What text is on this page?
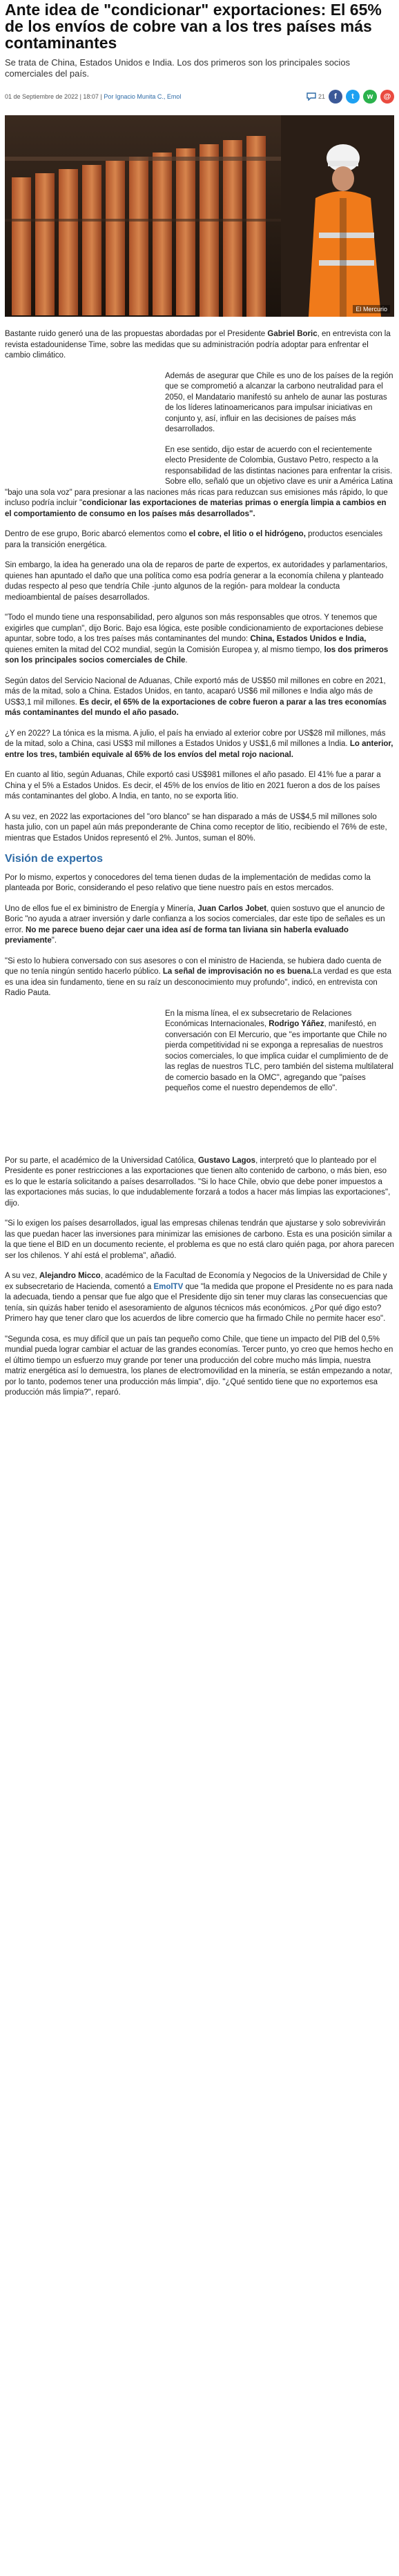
Ante idea de "condicionar" exportaciones: El 65% de los envíos de cobre van a los tres países más contaminantes

Se trata de China, Estados Unidos e India. Los dos primeros son los principales socios comerciales del país.

01 de Septiembre de 2022 | 18:07 | Por Ignacio Munita C., Emol	21	f	t	w	@
El Mercurio

Bastante ruido generó una de las propuestas abordadas por el Presidente Gabriel Boric, en entrevista con la revista estadounidense Time, sobre las medidas que su administración podría adoptar para enfrentar el cambio climático.

Además de asegurar que Chile es uno de los países de la región que se comprometió a alcanzar la carbono neutralidad para el 2050, el Mandatario manifestó su anhelo de aunar las posturas de los líderes latinoamericanos para impulsar iniciativas en conjunto y, así, influir en las decisiones de países más desarrollados.

En ese sentido, dijo estar de acuerdo con el recientemente electo Presidente de Colombia, Gustavo Petro, respecto a la responsabilidad de las distintas naciones para enfrentar la crisis. Sobre ello, señaló que un objetivo clave es unir a América Latina "bajo una sola voz" para presionar a las naciones más ricas para reduzcan sus emisiones más rápido, lo que incluso podría incluir "condicionar las exportaciones de materias primas o energía limpia a cambios en el comportamiento de consumo en los países más desarrollados".

Dentro de ese grupo, Boric abarcó elementos como el cobre, el litio o el hidrógeno, productos esenciales para la transición energética.

Sin embargo, la idea ha generado una ola de reparos de parte de expertos, ex autoridades y parlamentarios, quienes han apuntado el daño que una política como esa podría generar a la economía chilena y planteado dudas respecto al peso que tendría Chile -junto algunos de la región- para moldear la conducta medioambiental de países desarrollados.

"Todo el mundo tiene una responsabilidad, pero algunos son más responsables que otros. Y tenemos que exigirles que cumplan", dijo Boric. Bajo esa lógica, este posible condicionamiento de exportaciones debiese apuntar, sobre todo, a los tres países más contaminantes del mundo: China, Estados Unidos e India, quienes emiten la mitad del CO2 mundial, según la Comisión Europea y, al mismo tiempo, los dos primeros son los principales socios comerciales de Chile.

Según datos del Servicio Nacional de Aduanas, Chile exportó más de US$50 mil millones en cobre en 2021, más de la mitad, solo a China. Estados Unidos, en tanto, acaparó US$6 mil millones e India algo más de US$3,1 mil millones. Es decir, el 65% de la exportaciones de cobre fueron a parar a las tres economías más contaminantes del mundo el año pasado.

¿Y en 2022? La tónica es la misma. A julio, el país ha enviado al exterior cobre por US$28 mil millones, más de la mitad, solo a China, casi US$3 mil millones a Estados Unidos y US$1,6 mil millones a India. Lo anterior, entre los tres, también equivale al 65% de los envíos del metal rojo nacional.

En cuanto al litio, según Aduanas, Chile exportó casi US$981 millones el año pasado. El 41% fue a parar a China y el 5% a Estados Unidos. Es decir, el 45% de los envíos de litio en 2021 fueron a dos de los países más contaminantes del globo. A India, en tanto, no se exporta litio.

A su vez, en 2022 las exportaciones del "oro blanco" se han disparado a más de US$4,5 mil millones solo hasta julio, con un papel aún más preponderante de China como receptor de litio, recibiendo el 76% de este, mientras que Estados Unidos representó el 2%. Juntos, suman el 80%.

Visión de expertos

Por lo mismo, expertos y conocedores del tema tienen dudas de la implementación de medidas como la planteada por Boric, considerando el peso relativo que tiene nuestro país en estos mercados.

Uno de ellos fue el ex biministro de Energía y Minería, Juan Carlos Jobet, quien sostuvo que el anuncio de Boric "no ayuda a atraer inversión y darle confianza a los socios comerciales, dar este tipo de señales es un error. No me parece bueno dejar caer una idea así de forma tan liviana sin haberla evaluado previamente".

"Si esto lo hubiera conversado con sus asesores o con el ministro de Hacienda, se hubiera dado cuenta de que no tenía ningún sentido hacerlo público. La señal de improvisación no es buena.La verdad es que esta es una idea sin fundamento, tiene en su raíz un desconocimiento muy profundo", indicó, en entrevista con Radio Pauta.

En la misma línea, el ex subsecretario de Relaciones Económicas Internacionales, Rodrigo Yáñez, manifestó, en conversación con El Mercurio, que "es importante que Chile no pierda competitividad ni se exponga a represalias de nuestros socios comerciales, lo que implica cuidar el cumplimiento de de las reglas de nuestros TLC, pero también del sistema multilateral de comercio basado en la OMC", agregando que "países pequeños come el nuestro dependemos de ello".

Por su parte, el académico de la Universidad Católica, Gustavo Lagos, interpretó que lo planteado por el Presidente es poner restricciones a las exportaciones que tienen alto contenido de carbono, o más bien, eso es lo que le estaría solicitando a países desarrollados. "Si lo hace Chile, obvio que debe poner impuestos a las exportaciones más sucias, lo que indudablemente forzará a todos a hacer más limpias las exportaciones", dijo.

"Si lo exigen los países desarrollados, igual las empresas chilenas tendrán que ajustarse y solo sobrevivirán las que puedan hacer las inversiones para minimizar las emisiones de carbono. Esta es una posición similar a la que tiene el BID en un documento reciente, el problema es que no está claro quién paga, por ahora parecen ser los chilenos. Y ahí está el problema", añadió.

A su vez, Alejandro Micco, académico de la Facultad de Economía y Negocios de la Universidad de Chile y ex subsecretario de Hacienda, comentó a EmolTV que "la medida que propone el Presidente no es para nada la adecuada, tiendo a pensar que fue algo que el Presidente dijo sin tener muy claras las consecuencias que tenía, sin quizás haber tenido el asesoramiento de algunos técnicos más económicos. ¿Por qué digo esto? Primero hay que tener claro que los acuerdos de libre comercio que ha firmado Chile no permite hacer eso".

"Segunda cosa, es muy difícil que un país tan pequeño como Chile, que tiene un impacto del PIB del 0,5% mundial pueda lograr cambiar el actuar de las grandes economías. Tercer punto, yo creo que hemos hecho en el último tiempo un esfuerzo muy grande por tener una producción del cobre mucho más limpia, nuestra matriz energética así lo demuestra, los planes de electromovilidad en la minería, se están empezando a notar, por lo tanto, podemos tener una producción más limpia", dijo. "¿Qué sentido tiene que no exportemos esa producción más limpia?", reparó.
